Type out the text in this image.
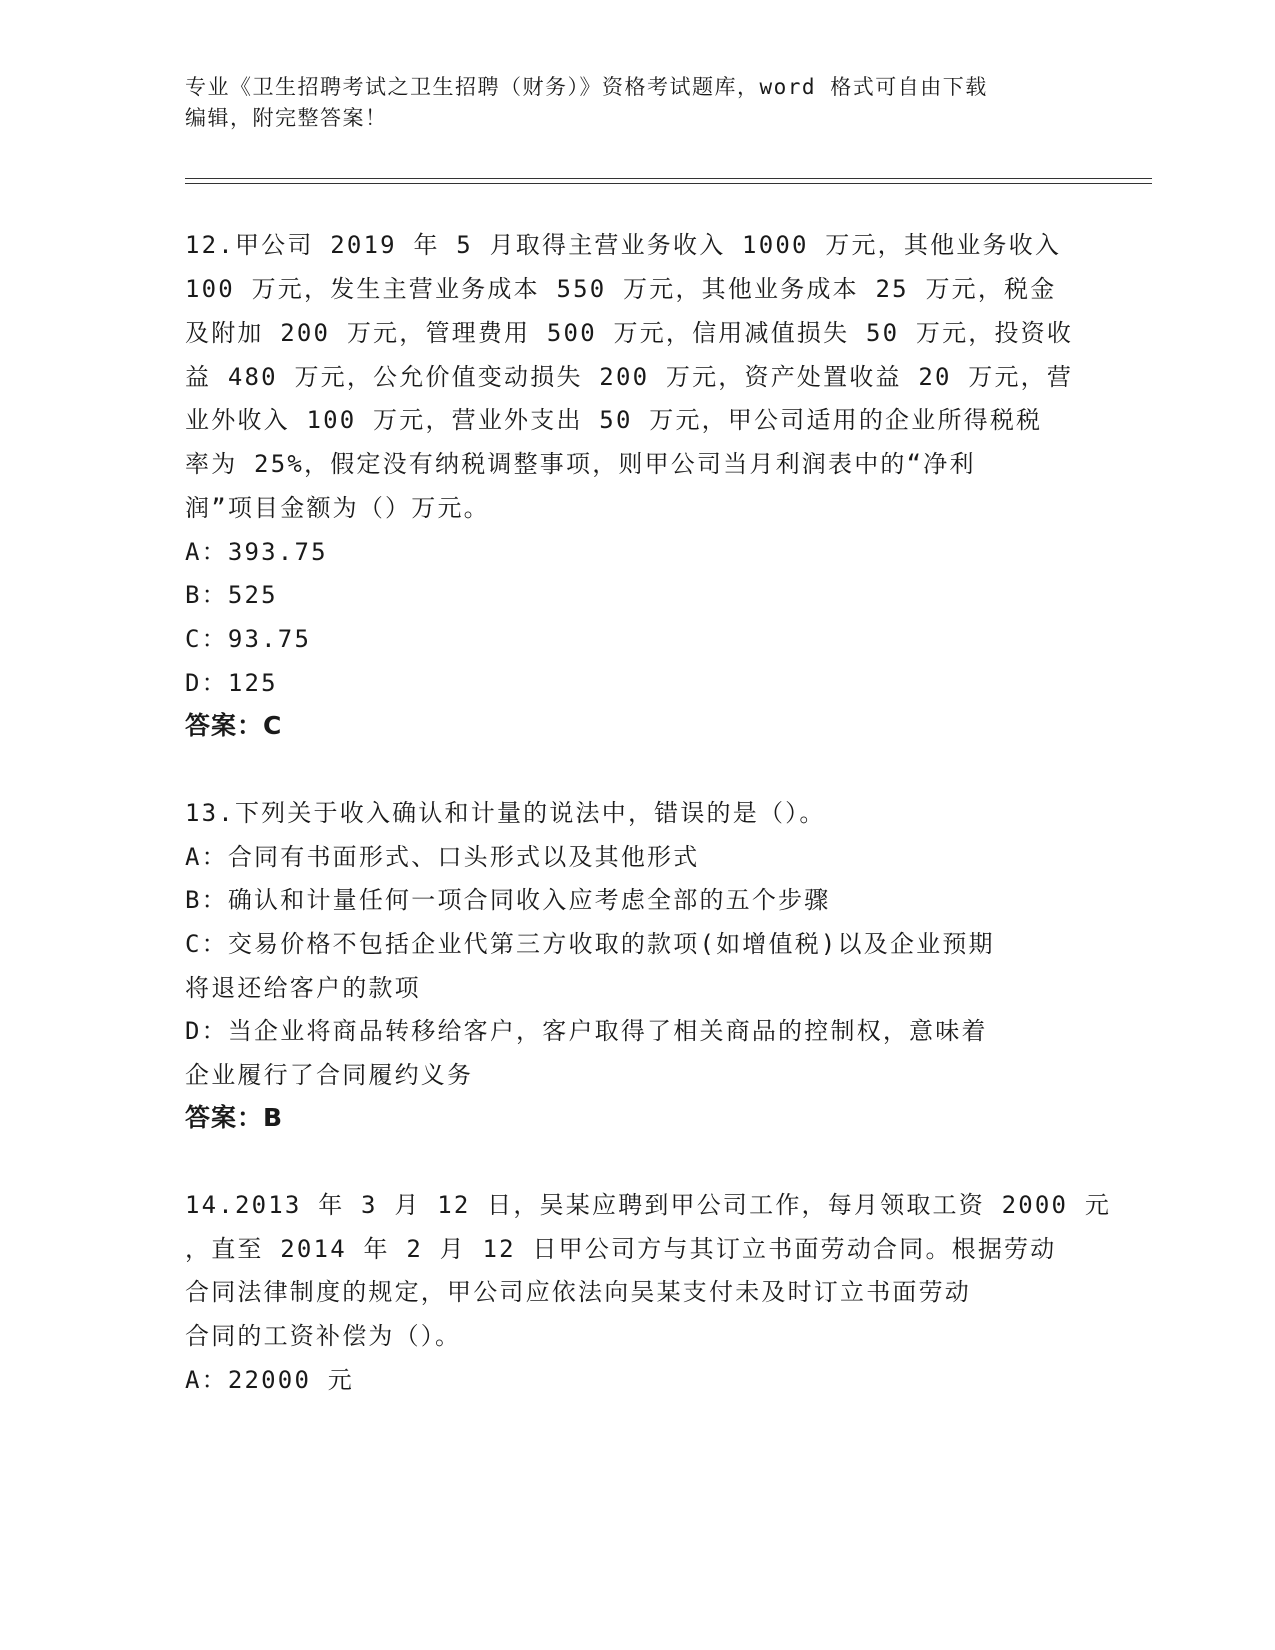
专业《卫生招聘考试之卫生招聘（财务）》资格考试题库，word 格式可自由下载
编辑，附完整答案！
12.甲公司 2019 年 5 月取得主营业务收入 1000 万元，其他业务收入
100 万元，发生主营业务成本 550 万元，其他业务成本 25 万元，税金
及附加 200 万元，管理费用 500 万元，信用减值损失 50 万元，投资收
益 480 万元，公允价值变动损失 200 万元，资产处置收益 20 万元，营
业外收入 100 万元，营业外支出 50 万元，甲公司适用的企业所得税税
率为 25%，假定没有纳税调整事项，则甲公司当月利润表中的“净利
润”项目金额为（）万元。
A：393.75
B：525
C：93.75
D：125
答案：C
13.下列关于收入确认和计量的说法中，错误的是（）。
A：合同有书面形式、口头形式以及其他形式
B：确认和计量任何一项合同收入应考虑全部的五个步骤
C：交易价格不包括企业代第三方收取的款项(如增值税)以及企业预期
将退还给客户的款项
D：当企业将商品转移给客户，客户取得了相关商品的控制权，意味着
企业履行了合同履约义务
答案：B
14.2013 年 3 月 12 日，吴某应聘到甲公司工作，每月领取工资 2000 元
，直至 2014 年 2 月 12 日甲公司方与其订立书面劳动合同。根据劳动
合同法律制度的规定，甲公司应依法向吴某支付未及时订立书面劳动
合同的工资补偿为（）。
A：22000 元
